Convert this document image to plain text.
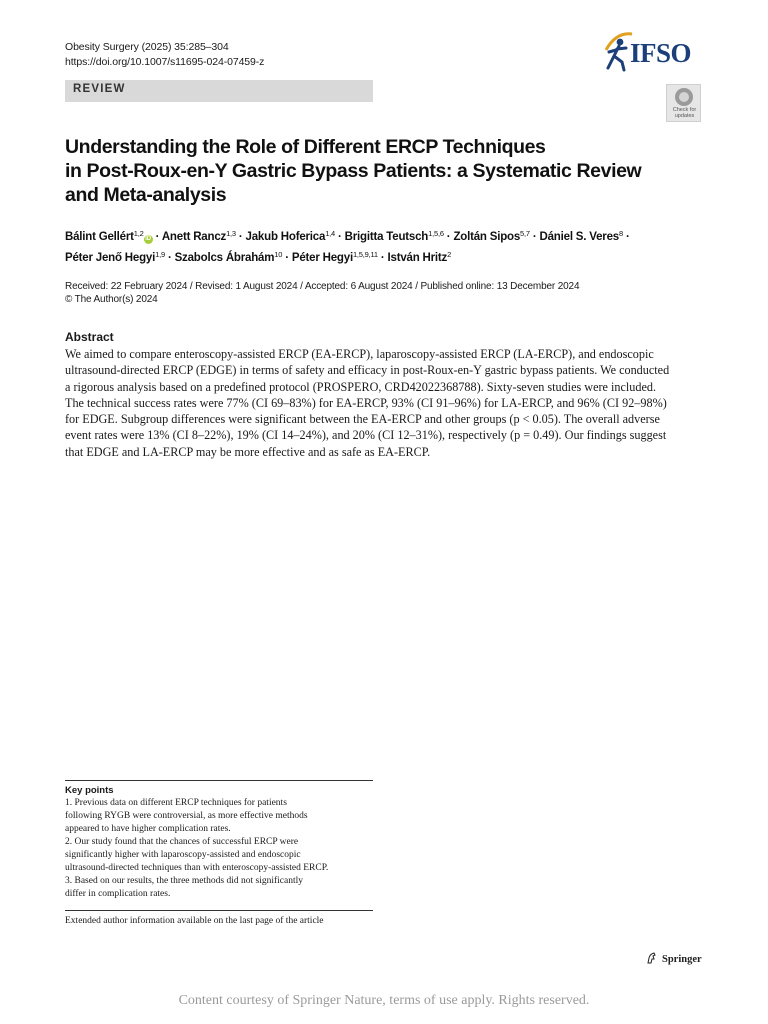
Obesity Surgery (2025) 35:285–304
https://doi.org/10.1007/s11695-024-07459-z
REVIEW
IFSO
Check for
updates
Understanding the Role of Different ERCP Techniques
in Post-Roux-en-Y Gastric Bypass Patients: a Systematic Review
and Meta-analysis
Bálint Gellért$^{1,2}$iD · Anett Rancz$^{1,3}$ · Jakub Hoferica$^{1,4}$ · Brigitta Teutsch$^{1,5,6}$ · Zoltán Sipos$^{5,7}$ · Dániel S. Veres$^8$ ·
Péter Jenő Hegyi$^{1,9}$ · Szabolcs Ábrahám$^{10}$ · Péter Hegyi$^{1,5,9,11}$ · István Hritz$^2$
Received: 22 February 2024 / Revised: 1 August 2024 / Accepted: 6 August 2024 / Published online: 13 December 2024
© The Author(s) 2024
Abstract
We aimed to compare enteroscopy-assisted ERCP (EA-ERCP), laparoscopy-assisted ERCP (LA-ERCP), and endoscopic
ultrasound-directed ERCP (EDGE) in terms of safety and efficacy in post-Roux-en-Y gastric bypass patients. We conducted
a rigorous analysis based on a predefined protocol (PROSPERO, CRD42022368788). Sixty-seven studies were included.
The technical success rates were 77% (CI 69–83%) for EA-ERCP, 93% (CI 91–96%) for LA-ERCP, and 96% (CI 92–98%)
for EDGE. Subgroup differences were significant between the EA-ERCP and other groups (p < 0.05). The overall adverse
event rates were 13% (CI 8–22%), 19% (CI 14–24%), and 20% (CI 12–31%), respectively (p = 0.49). Our findings suggest
that EDGE and LA-ERCP may be more effective and as safe as EA-ERCP.
Key points
1. Previous data on different ERCP techniques for patients
following RYGB were controversial, as more effective methods
appeared to have higher complication rates.
2. Our study found that the chances of successful ERCP were
significantly higher with laparoscopy-assisted and endoscopic
ultrasound-directed techniques than with enteroscopy-assisted ERCP.
3. Based on our results, the three methods did not significantly
differ in complication rates.
Extended author information available on the last page of the article
Springer
Content courtesy of Springer Nature, terms of use apply. Rights reserved.
